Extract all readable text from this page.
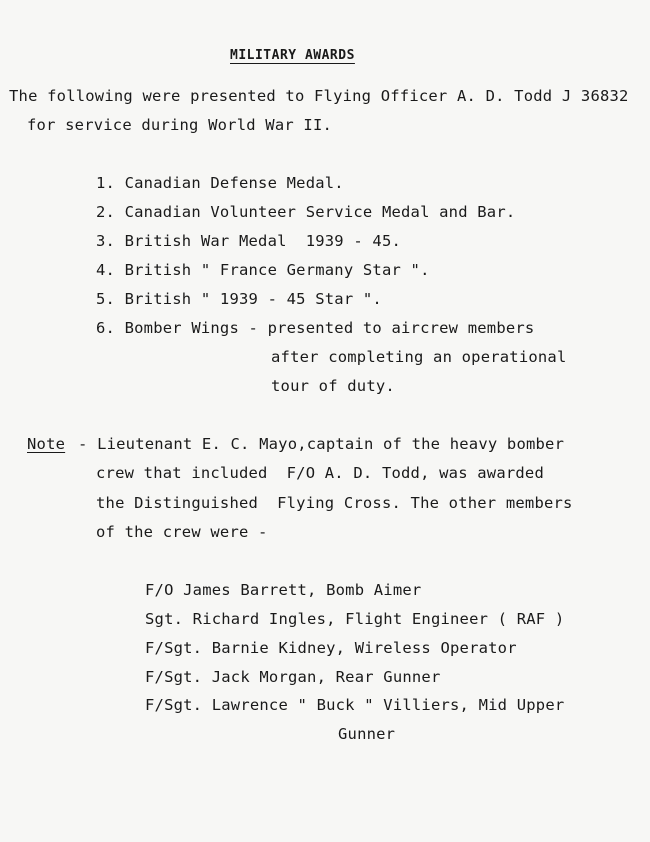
MILITARY AWARDS
The following were presented to Flying Officer A. D. Todd J 36832
for service during World War II.
1. Canadian Defense Medal.
2. Canadian Volunteer Service Medal and Bar.
3. British War Medal  1939 - 45.
4. British " France Germany Star ".
5. British " 1939 - 45 Star ".
6. Bomber Wings - presented to aircrew members
after completing an operational
tour of duty.
Note - Lieutenant E. C. Mayo,captain of the heavy bomber
crew that included  F/O A. D. Todd, was awarded
the Distinguished  Flying Cross. The other members
of the crew were -
F/O James Barrett, Bomb Aimer
Sgt. Richard Ingles, Flight Engineer ( RAF )
F/Sgt. Barnie Kidney, Wireless Operator
F/Sgt. Jack Morgan, Rear Gunner
F/Sgt. Lawrence " Buck " Villiers, Mid Upper
Gunner
